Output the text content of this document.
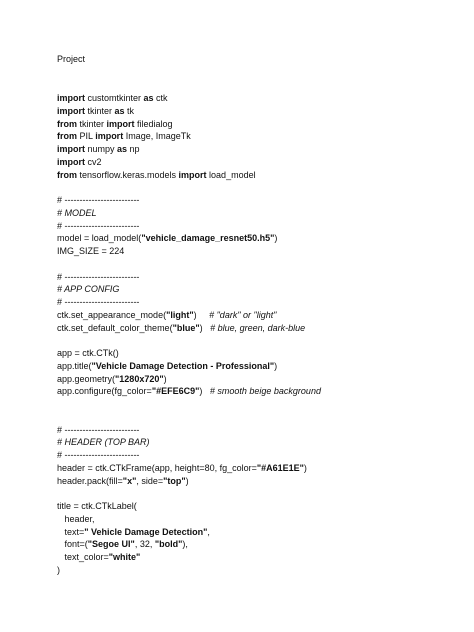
Project
import customtkinter as ctk
import tkinter as tk
from tkinter import filedialog
from PIL import Image, ImageTk
import numpy as np
import cv2
from tensorflow.keras.models import load_model
# -------------------------
# MODEL
# -------------------------
model = load_model("vehicle_damage_resnet50.h5")
IMG_SIZE = 224
# -------------------------
# APP CONFIG
# -------------------------
ctk.set_appearance_mode("light")     # "dark" or "light"
ctk.set_default_color_theme("blue")   # blue, green, dark-blue
app = ctk.CTk()
app.title("Vehicle Damage Detection - Professional")
app.geometry("1280x720")
app.configure(fg_color="#EFE6C9")   # smooth beige background
# -------------------------
# HEADER (TOP BAR)
# -------------------------
header = ctk.CTkFrame(app, height=80, fg_color="#A61E1E")
header.pack(fill="x", side="top")
title = ctk.CTkLabel(
header,
text=" Vehicle Damage Detection",
font=("Segoe UI", 32, "bold"),
text_color="white"
)
